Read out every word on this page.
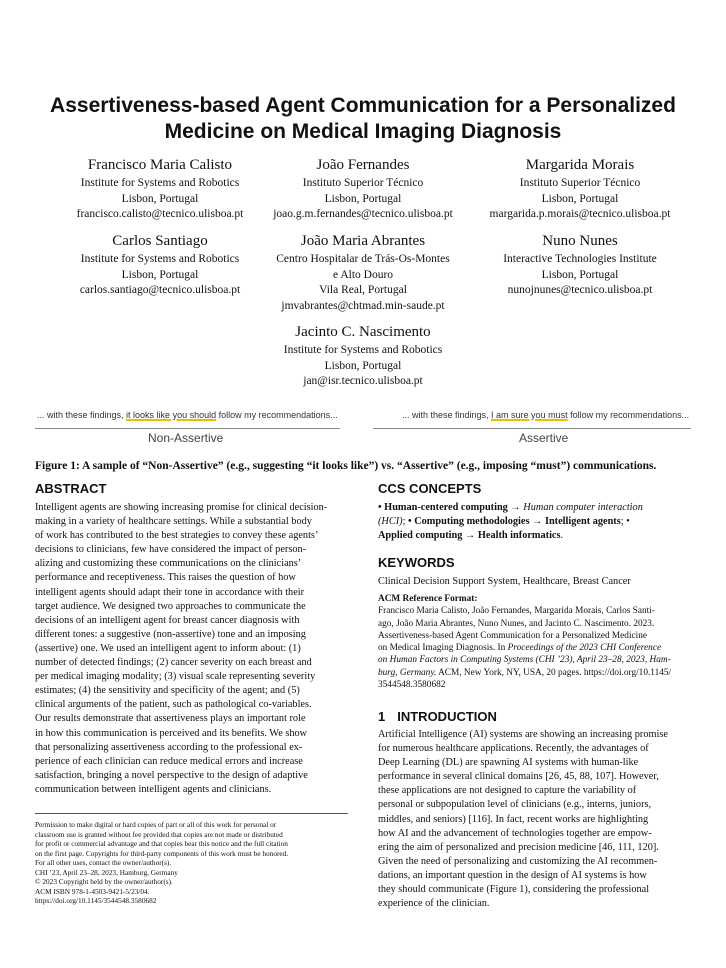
Assertiveness-based Agent Communication for a Personalized
Medicine on Medical Imaging Diagnosis
Francisco Maria Calisto
Institute for Systems and Robotics
Lisbon, Portugal
francisco.calisto@tecnico.ulisboa.pt
João Fernandes
Instituto Superior Técnico
Lisbon, Portugal
joao.g.m.fernandes@tecnico.ulisboa.pt
Margarida Morais
Instituto Superior Técnico
Lisbon, Portugal
margarida.p.morais@tecnico.ulisboa.pt
Carlos Santiago
Institute for Systems and Robotics
Lisbon, Portugal
carlos.santiago@tecnico.ulisboa.pt
João Maria Abrantes
Centro Hospitalar de Trás-Os-Montes
e Alto Douro
Vila Real, Portugal
jmvabrantes@chtmad.min-saude.pt
Nuno Nunes
Interactive Technologies Institute
Lisbon, Portugal
nunojnunes@tecnico.ulisboa.pt
Jacinto C. Nascimento
Institute for Systems and Robotics
Lisbon, Portugal
jan@isr.tecnico.ulisboa.pt
... with these findings, it looks like you should follow my recommendations...
Non-Assertive
... with these findings, I am sure you must follow my recommendations...
Assertive
Figure 1: A sample of “Non-Assertive” (e.g., suggesting “it looks like”) vs. “Assertive” (e.g., imposing “must”) communications.
ABSTRACT
Intelligent agents are showing increasing promise for clinical decision-
making in a variety of healthcare settings. While a substantial body
of work has contributed to the best strategies to convey these agents’
decisions to clinicians, few have considered the impact of person-
alizing and customizing these communications on the clinicians’
performance and receptiveness. This raises the question of how
intelligent agents should adapt their tone in accordance with their
target audience. We designed two approaches to communicate the
decisions of an intelligent agent for breast cancer diagnosis with
different tones: a suggestive (non-assertive) tone and an imposing
(assertive) one. We used an intelligent agent to inform about: (1)
number of detected findings; (2) cancer severity on each breast and
per medical imaging modality; (3) visual scale representing severity
estimates; (4) the sensitivity and specificity of the agent; and (5)
clinical arguments of the patient, such as pathological co-variables.
Our results demonstrate that assertiveness plays an important role
in how this communication is perceived and its benefits. We show
that personalizing assertiveness according to the professional ex-
perience of each clinician can reduce medical errors and increase
satisfaction, bringing a novel perspective to the design of adaptive
communication between intelligent agents and clinicians.
Permission to make digital or hard copies of part or all of this work for personal or
classroom use is granted without fee provided that copies are not made or distributed
for profit or commercial advantage and that copies bear this notice and the full citation
on the first page. Copyrights for third-party components of this work must be honored.
For all other uses, contact the owner/author(s).
CHI ’23, April 23–28, 2023, Hamburg, Germany
© 2023 Copyright held by the owner/author(s).
ACM ISBN 978-1-4503-9421-5/23/04.
https://doi.org/10.1145/3544548.3580682
CCS CONCEPTS
• Human-centered computing → Human computer interaction
(HCI); • Computing methodologies → Intelligent agents; •
Applied computing → Health informatics.
KEYWORDS
Clinical Decision Support System, Healthcare, Breast Cancer
ACM Reference Format:
Francisco Maria Calisto, João Fernandes, Margarida Morais, Carlos Santi-
ago, João Maria Abrantes, Nuno Nunes, and Jacinto C. Nascimento. 2023.
Assertiveness-based Agent Communication for a Personalized Medicine
on Medical Imaging Diagnosis. In Proceedings of the 2023 CHI Conference
on Human Factors in Computing Systems (CHI ’23), April 23–28, 2023, Ham-
burg, Germany. ACM, New York, NY, USA, 20 pages. https://doi.org/10.1145/
3544548.3580682
1 INTRODUCTION
Artificial Intelligence (AI) systems are showing an increasing promise
for numerous healthcare applications. Recently, the advantages of
Deep Learning (DL) are spawning AI systems with human-like
performance in several clinical domains [26, 45, 88, 107]. However,
these applications are not designed to capture the variability of
personal or subpopulation level of clinicians (e.g., interns, juniors,
middles, and seniors) [116]. In fact, recent works are highlighting
how AI and the advancement of technologies together are empow-
ering the aim of personalized and precision medicine [46, 111, 120].
Given the need of personalizing and customizing the AI recommen-
dations, an important question in the design of AI systems is how
they should communicate (Figure 1), considering the professional
experience of the clinician.
